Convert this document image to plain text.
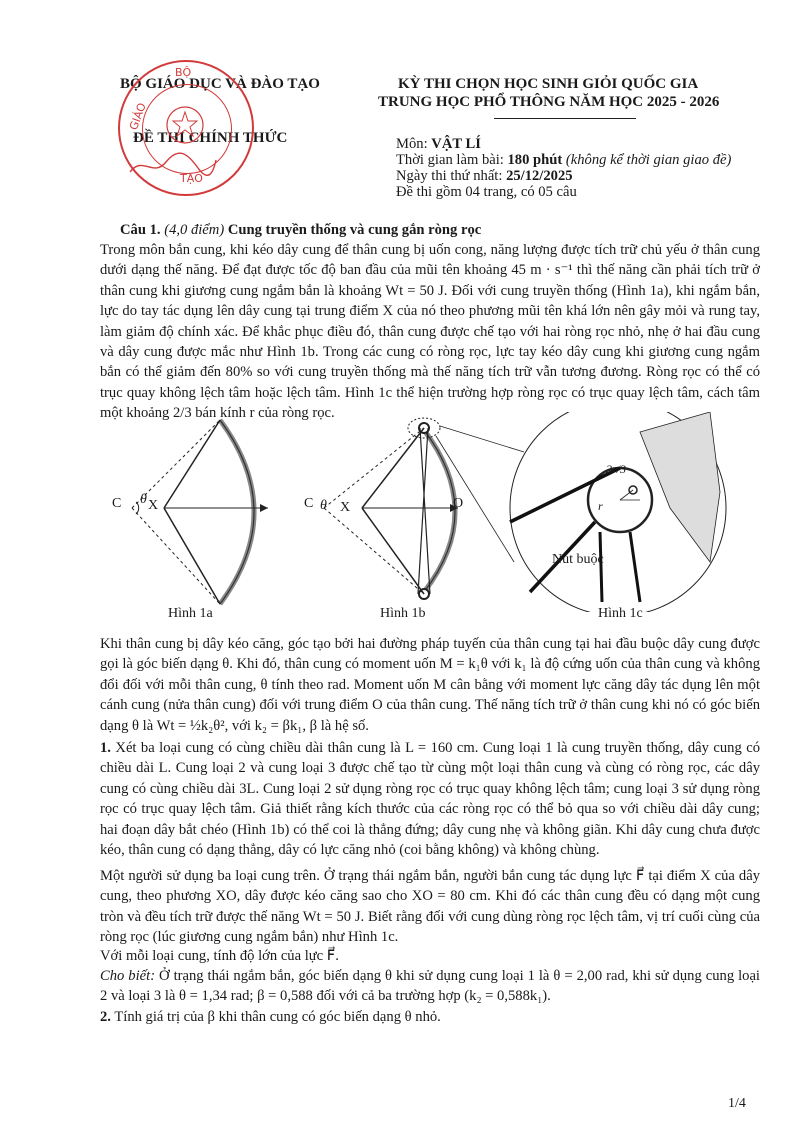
BỘ GIÁO DỤC VÀ ĐÀO TẠO
ĐỀ THI CHÍNH THỨC
BỘ
GIÁO
TẠO
KỲ THI CHỌN HỌC SINH GIỎI QUỐC GIA
TRUNG HỌC PHỔ THÔNG NĂM HỌC 2025 - 2026
Môn: VẬT LÍ
Thời gian làm bài: 180 phút (không kể thời gian giao đề)
Ngày thi thứ nhất: 25/12/2025
Đề thi gồm 04 trang, có 05 câu
Câu 1. (4,0 điểm) Cung truyền thống và cung gắn ròng rọc

Trong môn bắn cung, khi kéo dây cung để thân cung bị uốn cong, năng lượng được tích trữ chủ yếu ở thân cung dưới dạng thế năng. Để đạt được tốc độ ban đầu của mũi tên khoảng 45 m · s⁻¹ thì thế năng cần phải tích trữ ở thân cung khi giương cung ngắm bắn là khoảng Wt = 50 J. Đối với cung truyền thống (Hình 1a), khi ngắm bắn, lực do tay tác dụng lên dây cung tại trung điểm X của nó theo phương mũi tên khá lớn nên gây mỏi và rung tay, làm giảm độ chính xác. Để khắc phục điều đó, thân cung được chế tạo với hai ròng rọc nhỏ, nhẹ ở hai đầu cung và dây cung được mắc như Hình 1b. Trong các cung có ròng rọc, lực tay kéo dây cung khi giương cung ngắm bắn có thể giảm đến 80% so với cung truyền thống mà thế năng tích trữ vẫn tương đương. Ròng rọc có thể có trục quay không lệch tâm hoặc lệch tâm. Hình 1c thể hiện trường hợp ròng rọc có trục quay lệch tâm, cách tâm một khoảng 2/3 bán kính r của ròng rọc.

C θ X	C θ X	O
2r/3
r
Nút buộc
Hình 1a	Hình 1b	Hình 1c

Khi thân cung bị dây kéo căng, góc tạo bởi hai đường pháp tuyến của thân cung tại hai đầu buộc dây cung được gọi là góc biến dạng θ. Khi đó, thân cung có moment uốn M = k₁θ với k₁ là độ cứng uốn của thân cung và không đổi đối với mỗi thân cung, θ tính theo rad. Moment uốn M cân bằng với moment lực căng dây tác dụng lên một cánh cung (nửa thân cung) đối với trung điểm O của thân cung. Thế năng tích trữ ở thân cung khi nó có góc biến dạng θ là Wt = ½k₂θ², với k₂ = βk₁, β là hệ số.

1. Xét ba loại cung có cùng chiều dài thân cung là L = 160 cm. Cung loại 1 là cung truyền thống, dây cung có chiều dài L. Cung loại 2 và cung loại 3 được chế tạo từ cùng một loại thân cung và cùng có ròng rọc, các dây cung có cùng chiều dài 3L. Cung loại 2 sử dụng ròng rọc có trục quay không lệch tâm; cung loại 3 sử dụng ròng rọc có trục quay lệch tâm. Giả thiết rằng kích thước của các ròng rọc có thể bỏ qua so với chiều dài dây cung; hai đoạn dây bắt chéo (Hình 1b) có thể coi là thẳng đứng; dây cung nhẹ và không giãn. Khi dây cung chưa được kéo, thân cung có dạng thẳng, dây có lực căng nhỏ (coi bằng không) và không chùng.

Một người sử dụng ba loại cung trên. Ở trạng thái ngắm bắn, người bắn cung tác dụng lực F⃗ tại điểm X của dây cung, theo phương XO, dây được kéo căng sao cho XO = 80 cm. Khi đó các thân cung đều có dạng một cung tròn và đều tích trữ được thế năng Wt = 50 J. Biết rằng đối với cung dùng ròng rọc lệch tâm, vị trí cuối cùng của ròng rọc (lúc giương cung ngắm bắn) như Hình 1c.

Với mỗi loại cung, tính độ lớn của lực F⃗.

Cho biết: Ở trạng thái ngắm bắn, góc biến dạng θ khi sử dụng cung loại 1 là θ = 2,00 rad, khi sử dụng cung loại 2 và loại 3 là θ = 1,34 rad; β = 0,588 đối với cả ba trường hợp (k₂ = 0,588k₁).

2. Tính giá trị của β khi thân cung có góc biến dạng θ nhỏ.

1/4
